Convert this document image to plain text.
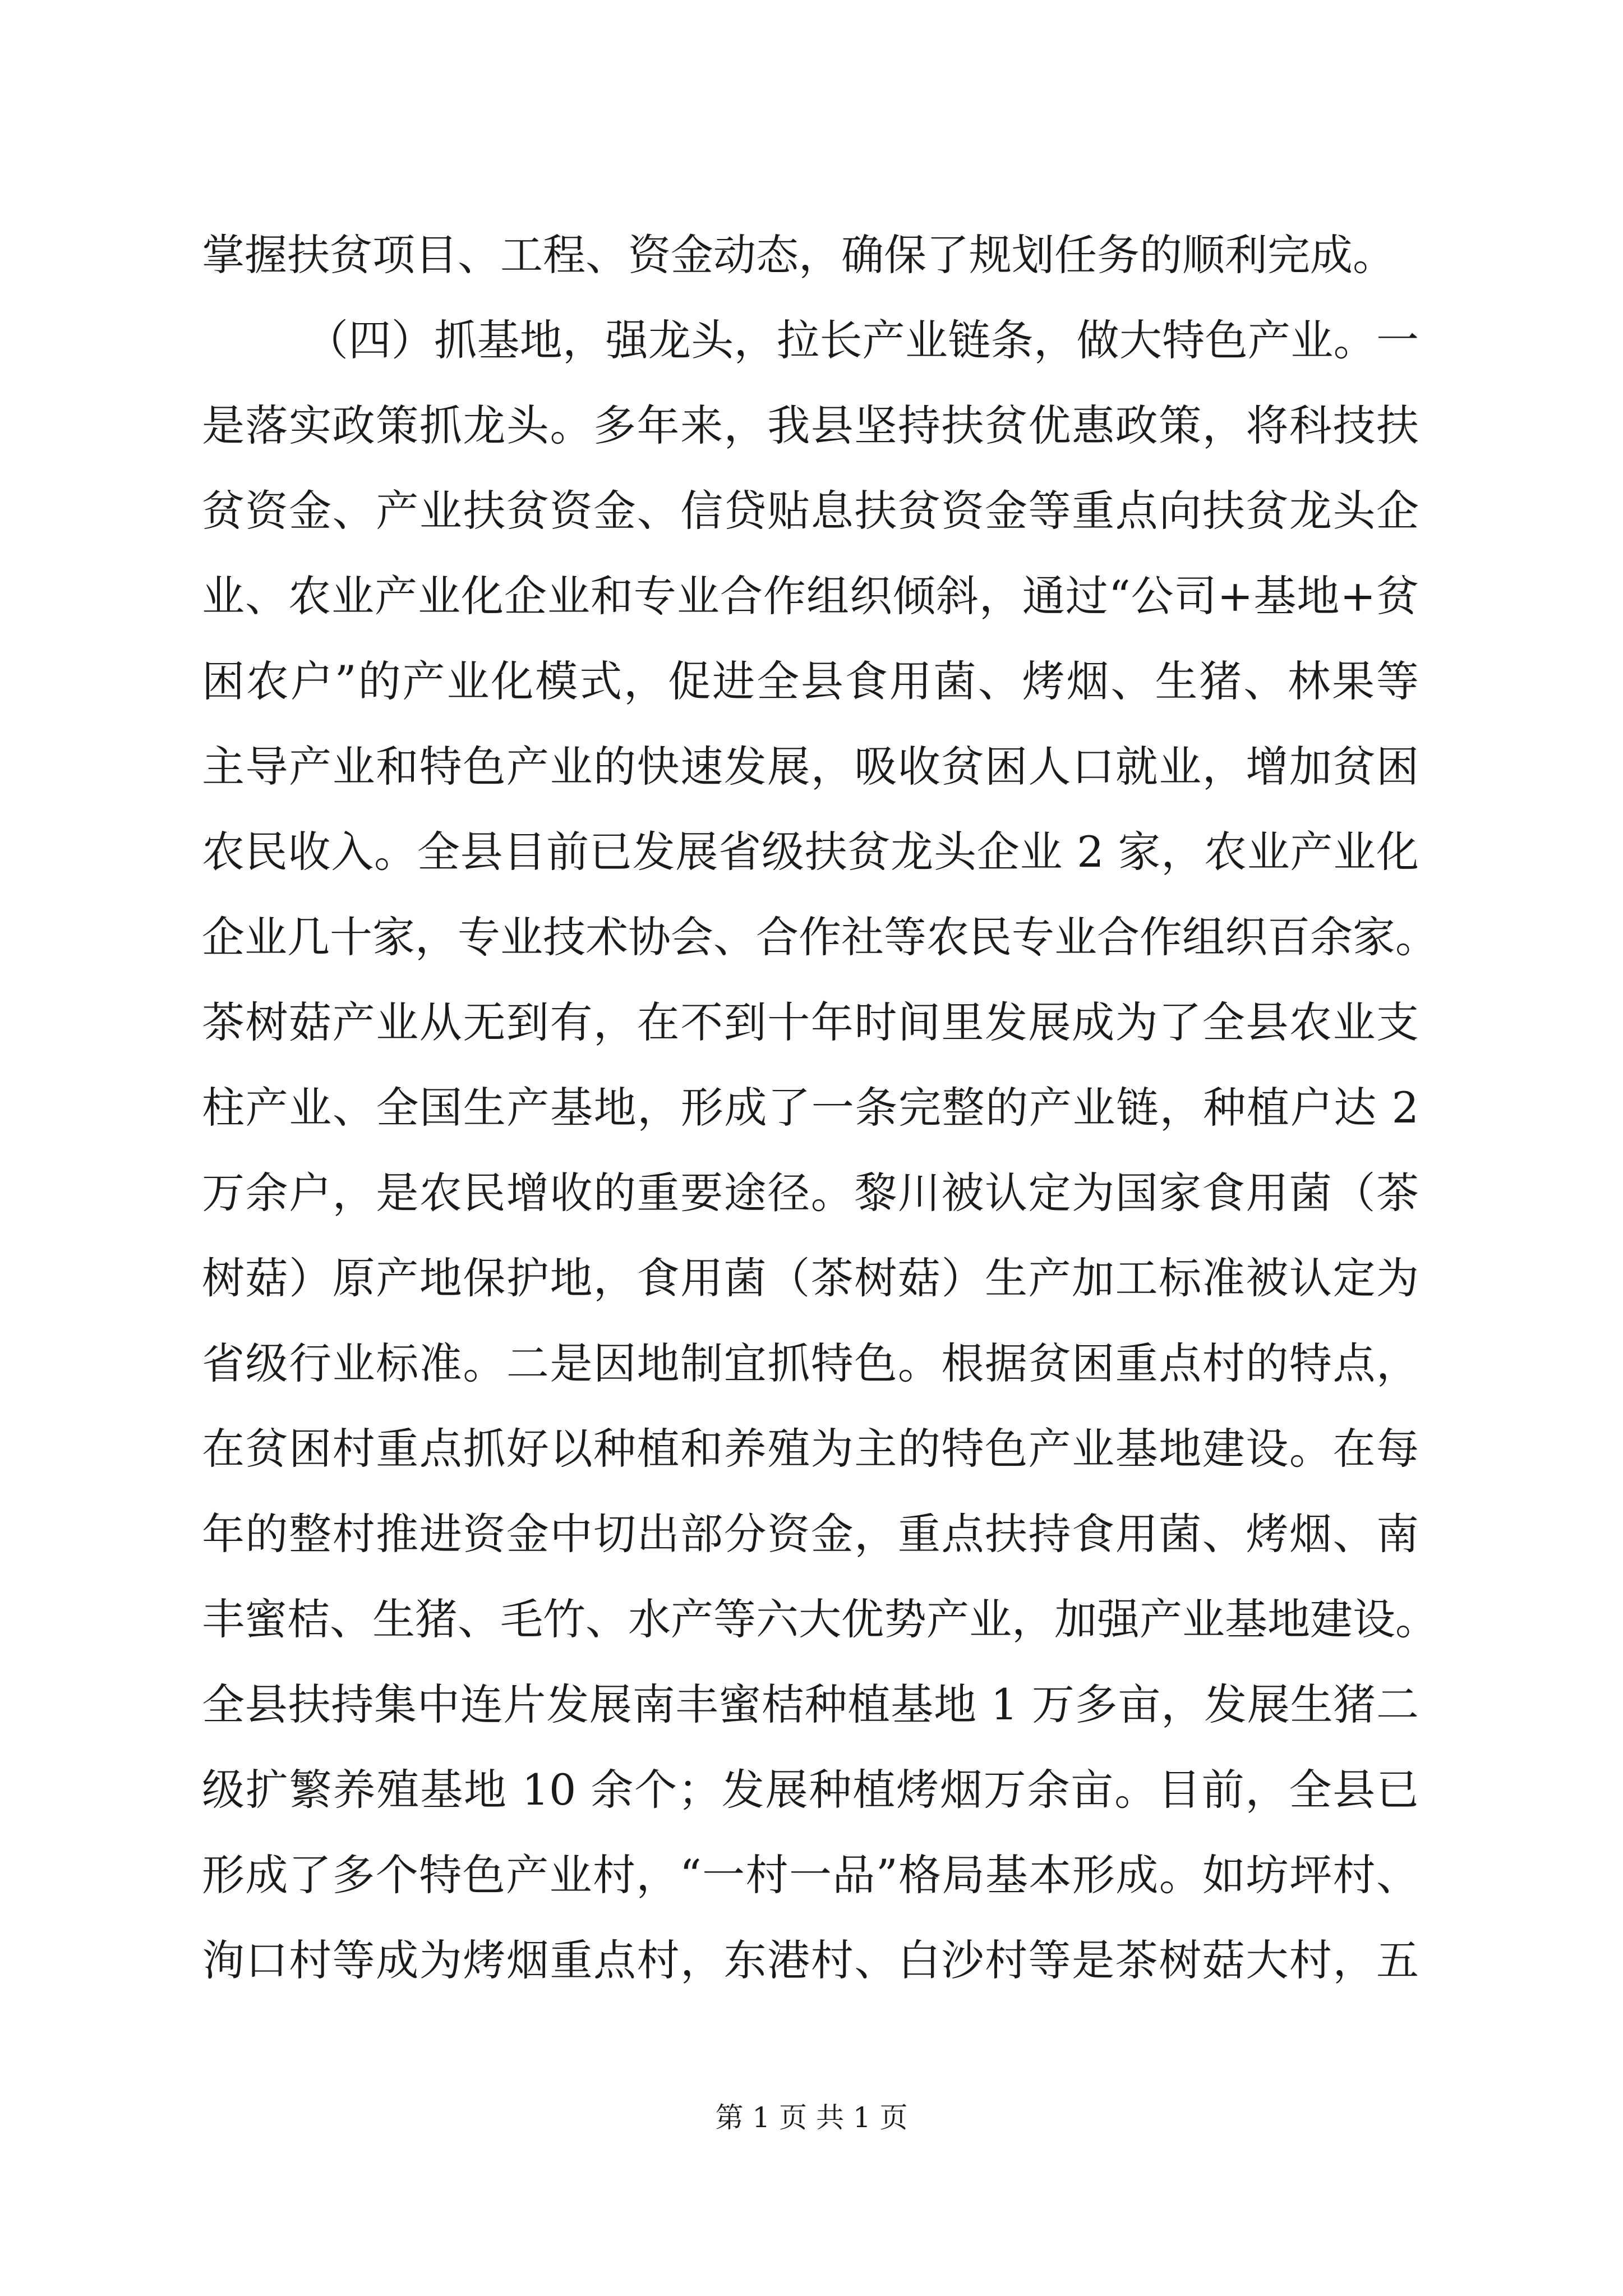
掌握扶贫项目、工程、资金动态，确保了规划任务的顺利完成。
（四）抓基地，强龙头，拉长产业链条，做大特色产业。一
是落实政策抓龙头。多年来，我县坚持扶贫优惠政策，将科技扶
贫资金、产业扶贫资金、信贷贴息扶贫资金等重点向扶贫龙头企
业、农业产业化企业和专业合作组织倾斜，通过“公司+基地+贫
困农户”的产业化模式，促进全县食用菌、烤烟、生猪、林果等
主导产业和特色产业的快速发展，吸收贫困人口就业，增加贫困
农民收入。全县目前已发展省级扶贫龙头企业 2 家，农业产业化
企业几十家，专业技术协会、合作社等农民专业合作组织百余家。
茶树菇产业从无到有，在不到十年时间里发展成为了全县农业支
柱产业、全国生产基地，形成了一条完整的产业链，种植户达 2
万余户，是农民增收的重要途径。黎川被认定为国家食用菌（茶
树菇）原产地保护地，食用菌（茶树菇）生产加工标准被认定为
省级行业标准。二是因地制宜抓特色。根据贫困重点村的特点，
在贫困村重点抓好以种植和养殖为主的特色产业基地建设。在每
年的整村推进资金中切出部分资金，重点扶持食用菌、烤烟、南
丰蜜桔、生猪、毛竹、水产等六大优势产业，加强产业基地建设。
全县扶持集中连片发展南丰蜜桔种植基地 1 万多亩，发展生猪二
级扩繁养殖基地 10 余个；发展种植烤烟万余亩。目前，全县已
形成了多个特色产业村，“一村一品”格局基本形成。如坊坪村、
洵口村等成为烤烟重点村，东港村、白沙村等是茶树菇大村，五
第 1 页 共 1 页
